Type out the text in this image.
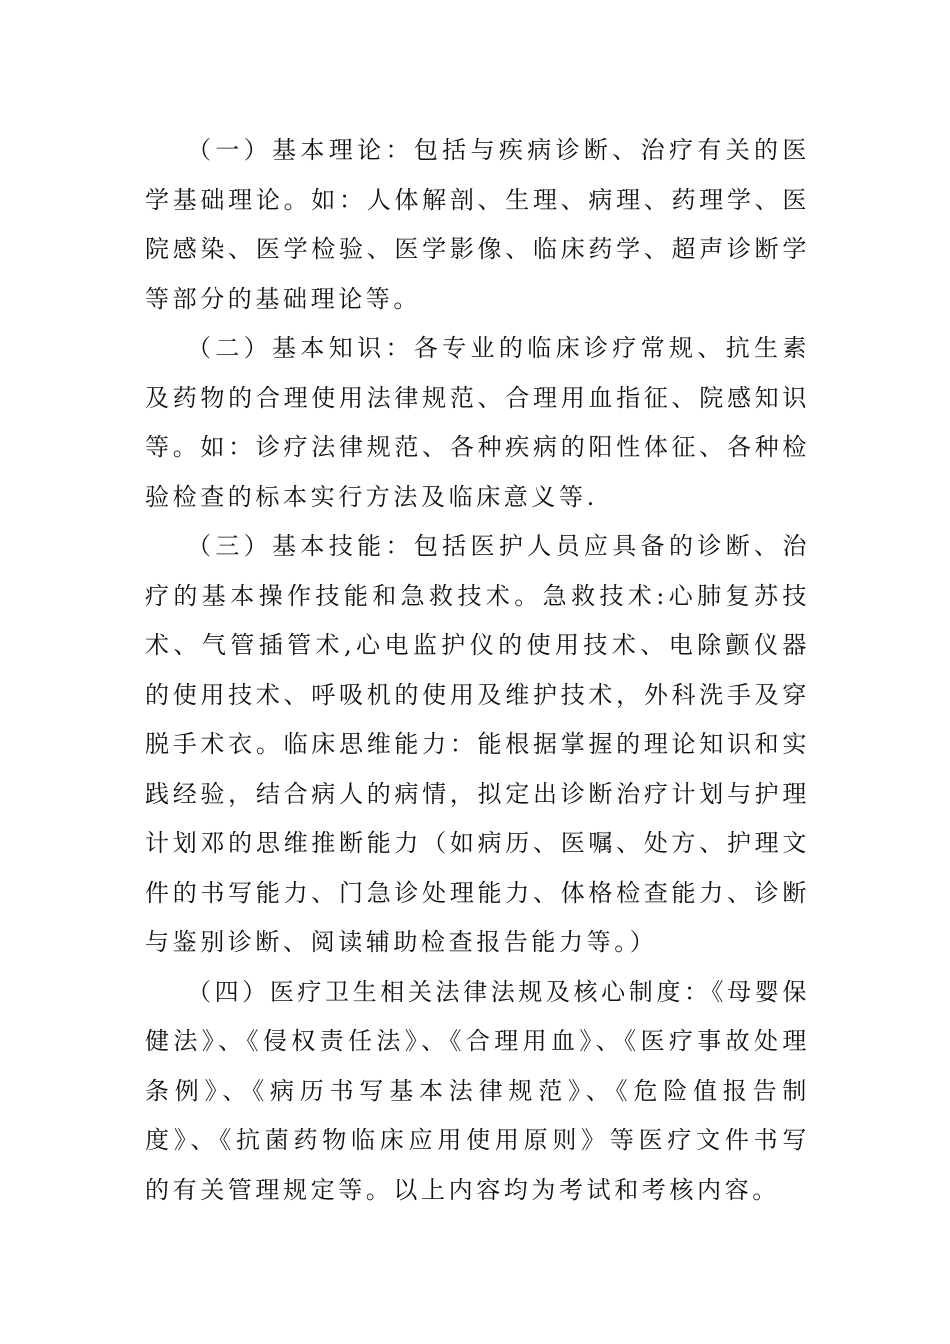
（一）基本理论：包括与疾病诊断、治疗有关的医学基础理论。如：人体解剖、生理、病理、药理学、医院感染、医学检验、医学影像、临床药学、超声诊断学等部分的基础理论等。

（二）基本知识：各专业的临床诊疗常规、抗生素及药物的合理使用法律规范、合理用血指征、院感知识等。如：诊疗法律规范、各种疾病的阳性体征、各种检验检查的标本实行方法及临床意义等.

（三）基本技能：包括医护人员应具备的诊断、治疗的基本操作技能和急救技术。急救技术:心肺复苏技术、气管插管术,心电监护仪的使用技术、电除颤仪器的使用技术、呼吸机的使用及维护技术，外科洗手及穿脱手术衣。临床思维能力：能根据掌握的理论知识和实践经验，结合病人的病情，拟定出诊断治疗计划与护理计划邓的思维推断能力（如病历、医嘱、处方、护理文件的书写能力、门急诊处理能力、体格检查能力、诊断与鉴别诊断、阅读辅助检查报告能力等。）

（四）医疗卫生相关法律法规及核心制度：《母婴保健法》、《侵权责任法》、《合理用血》、《医疗事故处理条例》、《病历书写基本法律规范》、《危险值报告制度》、《抗菌药物临床应用使用原则》等医疗文件书写的有关管理规定等。以上内容均为考试和考核内容。
